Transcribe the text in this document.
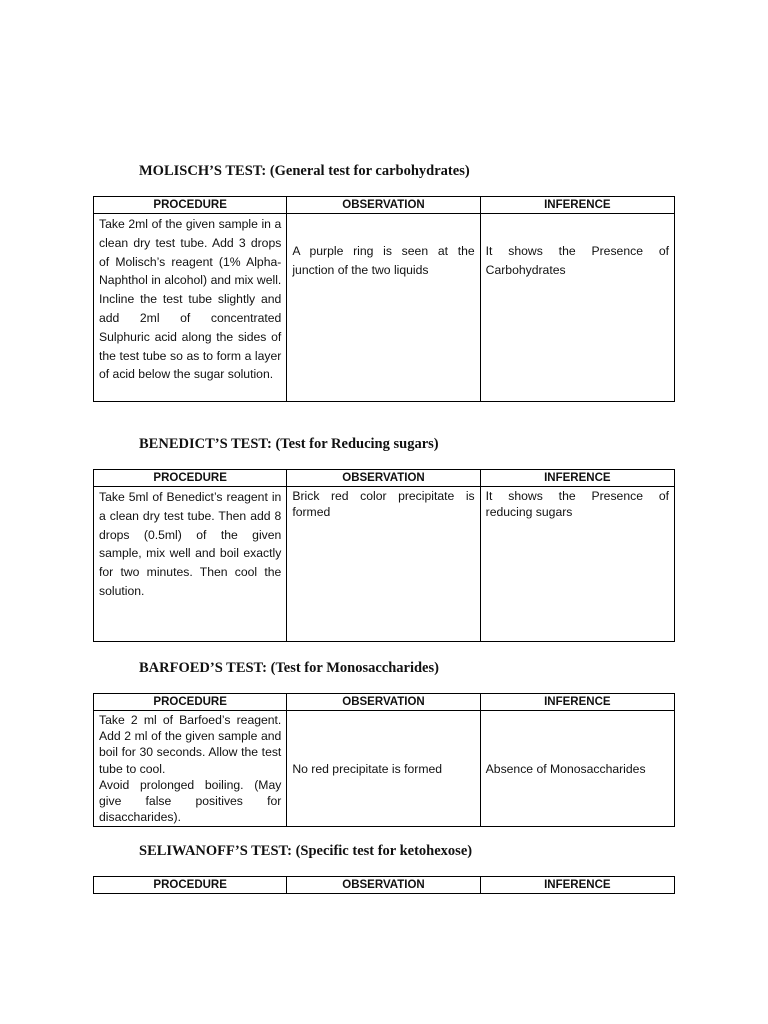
MOLISCH’S TEST: (General test for carbohydrates)
PROCEDURE	OBSERVATION	INFERENCE
Take 2ml of the given sample in a clean dry test tube. Add 3 drops of Molisch’s reagent (1% Alpha-Naphthol in alcohol) and mix well. Incline the test tube slightly and add 2ml of concentrated Sulphuric acid along the sides of the test tube so as to form a layer of acid below the sugar solution.	A purple ring is seen at the junction of the two liquids	It shows the Presence of Carbohydrates
BENEDICT’S TEST: (Test for Reducing sugars)
PROCEDURE	OBSERVATION	INFERENCE
Take 5ml of Benedict’s reagent in a clean dry test tube. Then add 8 drops (0.5ml) of the given sample, mix well and boil exactly for two minutes. Then cool the solution.	Brick red color precipitate is formed	It shows the Presence of reducing sugars
BARFOED’S TEST: (Test for Monosaccharides)
PROCEDURE	OBSERVATION	INFERENCE

Take 2 ml of Barfoed’s reagent. Add 2 ml of the given sample and boil for 30 seconds. Allow the test tube to cool.
Avoid prolonged boiling. (May give false positives for disaccharides).	No red precipitate is formed	Absence of Monosaccharides
SELIWANOFF’S TEST: (Specific test for ketohexose)
PROCEDURE	OBSERVATION	INFERENCE
